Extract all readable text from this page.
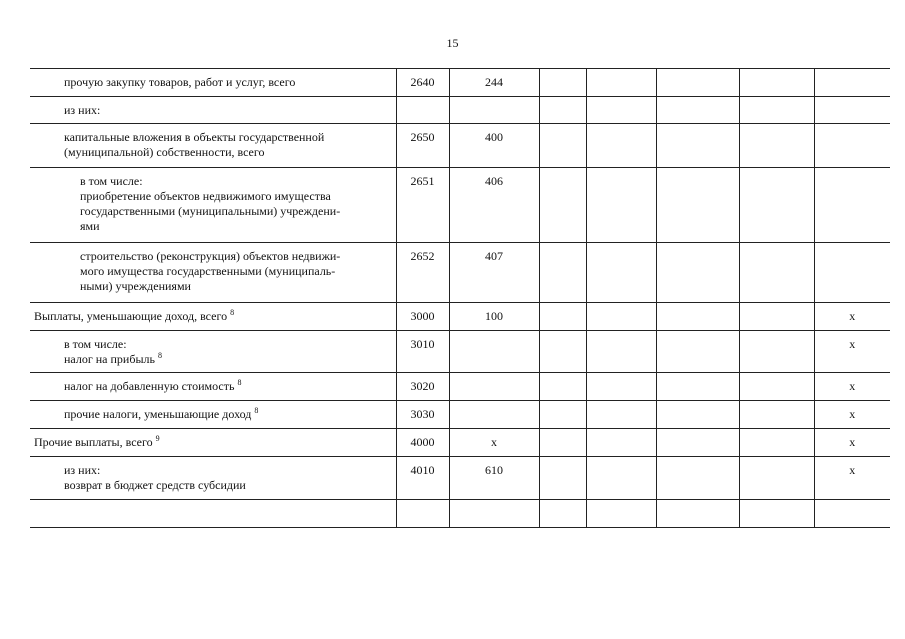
15
прочую закупку товаров, работ и услуг, всего	2640	244					

из них:							

капитальные вложения в объекты государственной
(муниципальной) собственности, всего	2650	400					

в том числе:
приобретение объектов недвижимого имущества
государственными (муниципальными) учреждени-
ями	2651	406					

строительство (реконструкция) объектов недвижи-
мого имущества государственными (муниципаль-
ными) учреждениями	2652	407					

Выплаты, уменьшающие доход, всего $^8$	3000	100					х

в том числе:
налог на прибыль $^8$	3010						х

налог на добавленную стоимость $^8$	3020						х

прочие налоги, уменьшающие доход $^8$	3030						х

Прочие выплаты, всего $^9$	4000	х					х

из них:
возврат в бюджет средств субсидии	4010	610					х
